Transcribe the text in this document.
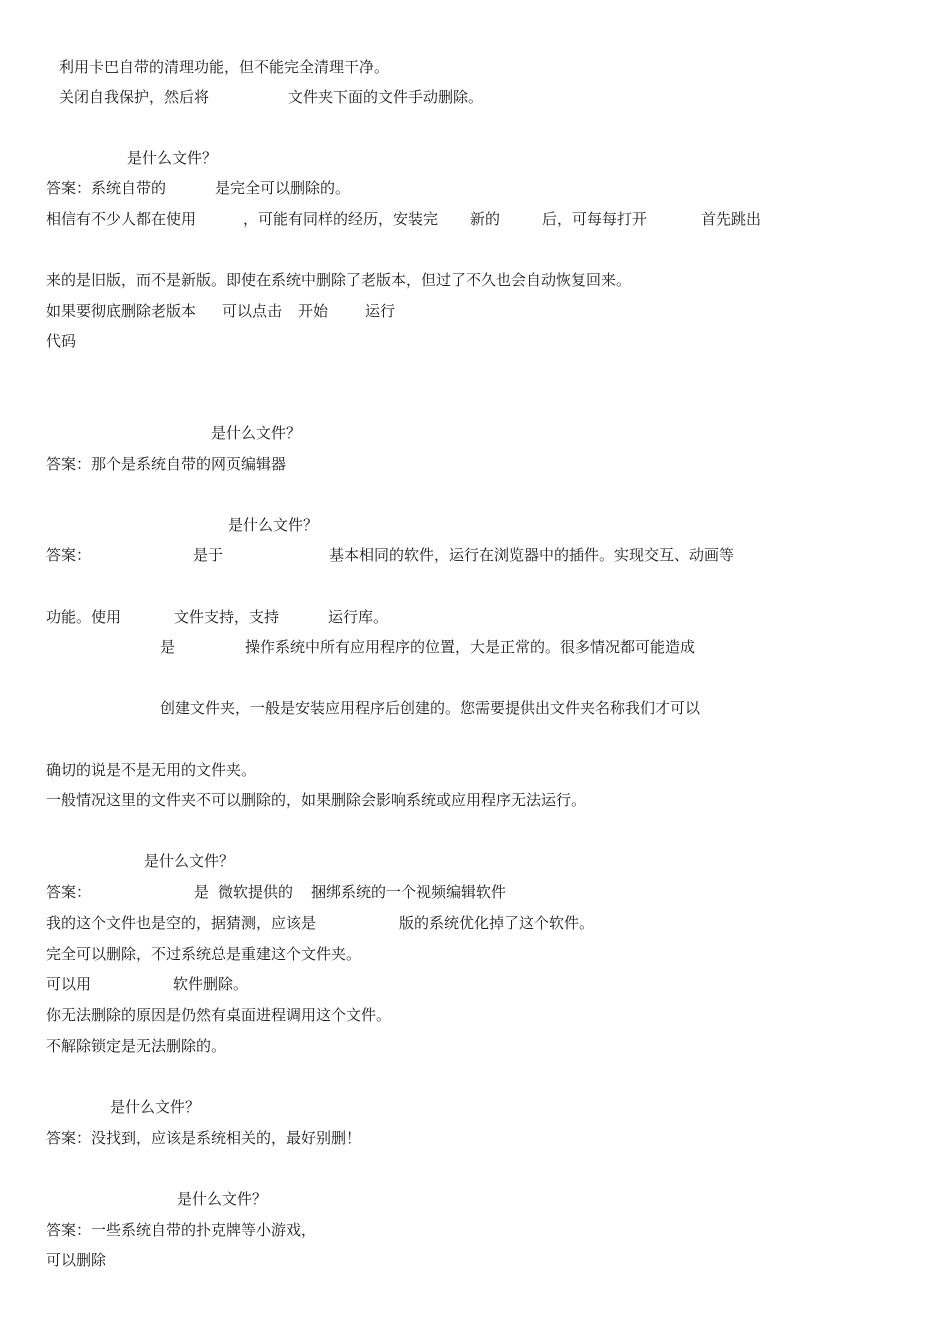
利用卡巴自带的清理功能，但不能完全清理干净。
关闭自我保护，然后将	文件夹下面的文件手动删除。
是什么文件？
答案：系统自带的	是完全可以删除的。
相信有不少人都在使用	，可能有同样的经历，安装完 新的	后，可每每打开	首先跳出
来的是旧版，而不是新版。即使在系统中删除了老版本，但过了不久也会自动恢复回来。
如果要彻底删除老版本 可以点击 开始 运行
代码
是什么文件？
答案：那个是系统自带的网页编辑器
是什么文件？
答案：	是于	基本相同的软件，运行在浏览器中的插件。实现交互、动画等
功能。使用	文件支持，支持	运行库。
是	操作系统中所有应用程序的位置，大是正常的。很多情况都可能造成
创建文件夹，一般是安装应用程序后创建的。您需要提供出文件夹名称我们才可以
确切的说是不是无用的文件夹。
一般情况这里的文件夹不可以删除的，如果删除会影响系统或应用程序无法运行。
是什么文件？
答案：	是 微软提供的 捆绑系统的一个视频编辑软件
我的这个文件也是空的，据猜测，应该是	版的系统优化掉了这个软件。
完全可以删除，不过系统总是重建这个文件夹。
可以用	软件删除。
你无法删除的原因是仍然有桌面进程调用这个文件。
不解除锁定是无法删除的。
是什么文件？
答案：没找到，应该是系统相关的，最好别删！
是什么文件？
答案：一些系统自带的扑克牌等小游戏，
可以删除
